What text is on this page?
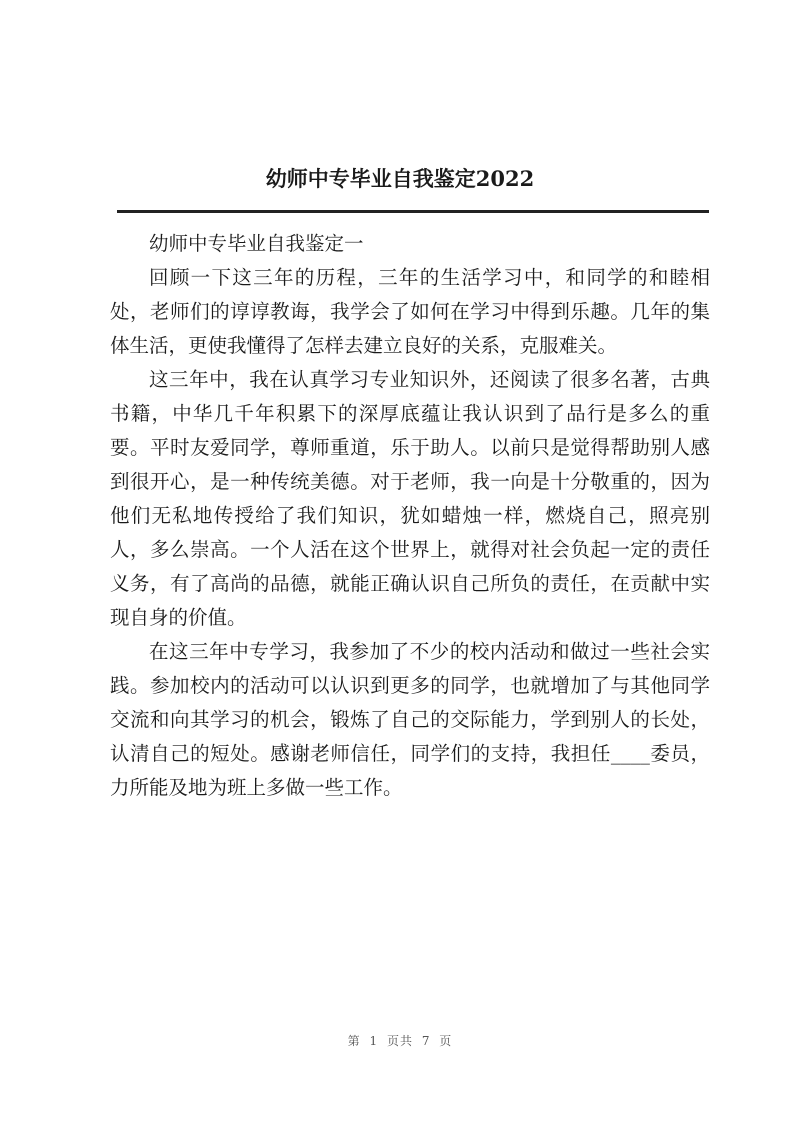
幼师中专毕业自我鉴定2022

幼师中专毕业自我鉴定一

回顾一下这三年的历程，三年的生活学习中，和同学的和睦相处，老师们的谆谆教诲，我学会了如何在学习中得到乐趣。几年的集体生活，更使我懂得了怎样去建立良好的关系，克服难关。

这三年中，我在认真学习专业知识外，还阅读了很多名著，古典书籍，中华几千年积累下的深厚底蕴让我认识到了品行是多么的重要。平时友爱同学，尊师重道，乐于助人。以前只是觉得帮助别人感到很开心，是一种传统美德。对于老师，我一向是十分敬重的，因为他们无私地传授给了我们知识，犹如蜡烛一样，燃烧自己，照亮别人，多么崇高。一个人活在这个世界上，就得对社会负起一定的责任义务，有了高尚的品德，就能正确认识自己所负的责任，在贡献中实现自身的价值。

在这三年中专学习，我参加了不少的校内活动和做过一些社会实践。参加校内的活动可以认识到更多的同学，也就增加了与其他同学交流和向其学习的机会，锻炼了自己的交际能力，学到别人的长处，认清自己的短处。感谢老师信任，同学们的支持，我担任____委员，力所能及地为班上多做一些工作。

第 1 页共 7 页
